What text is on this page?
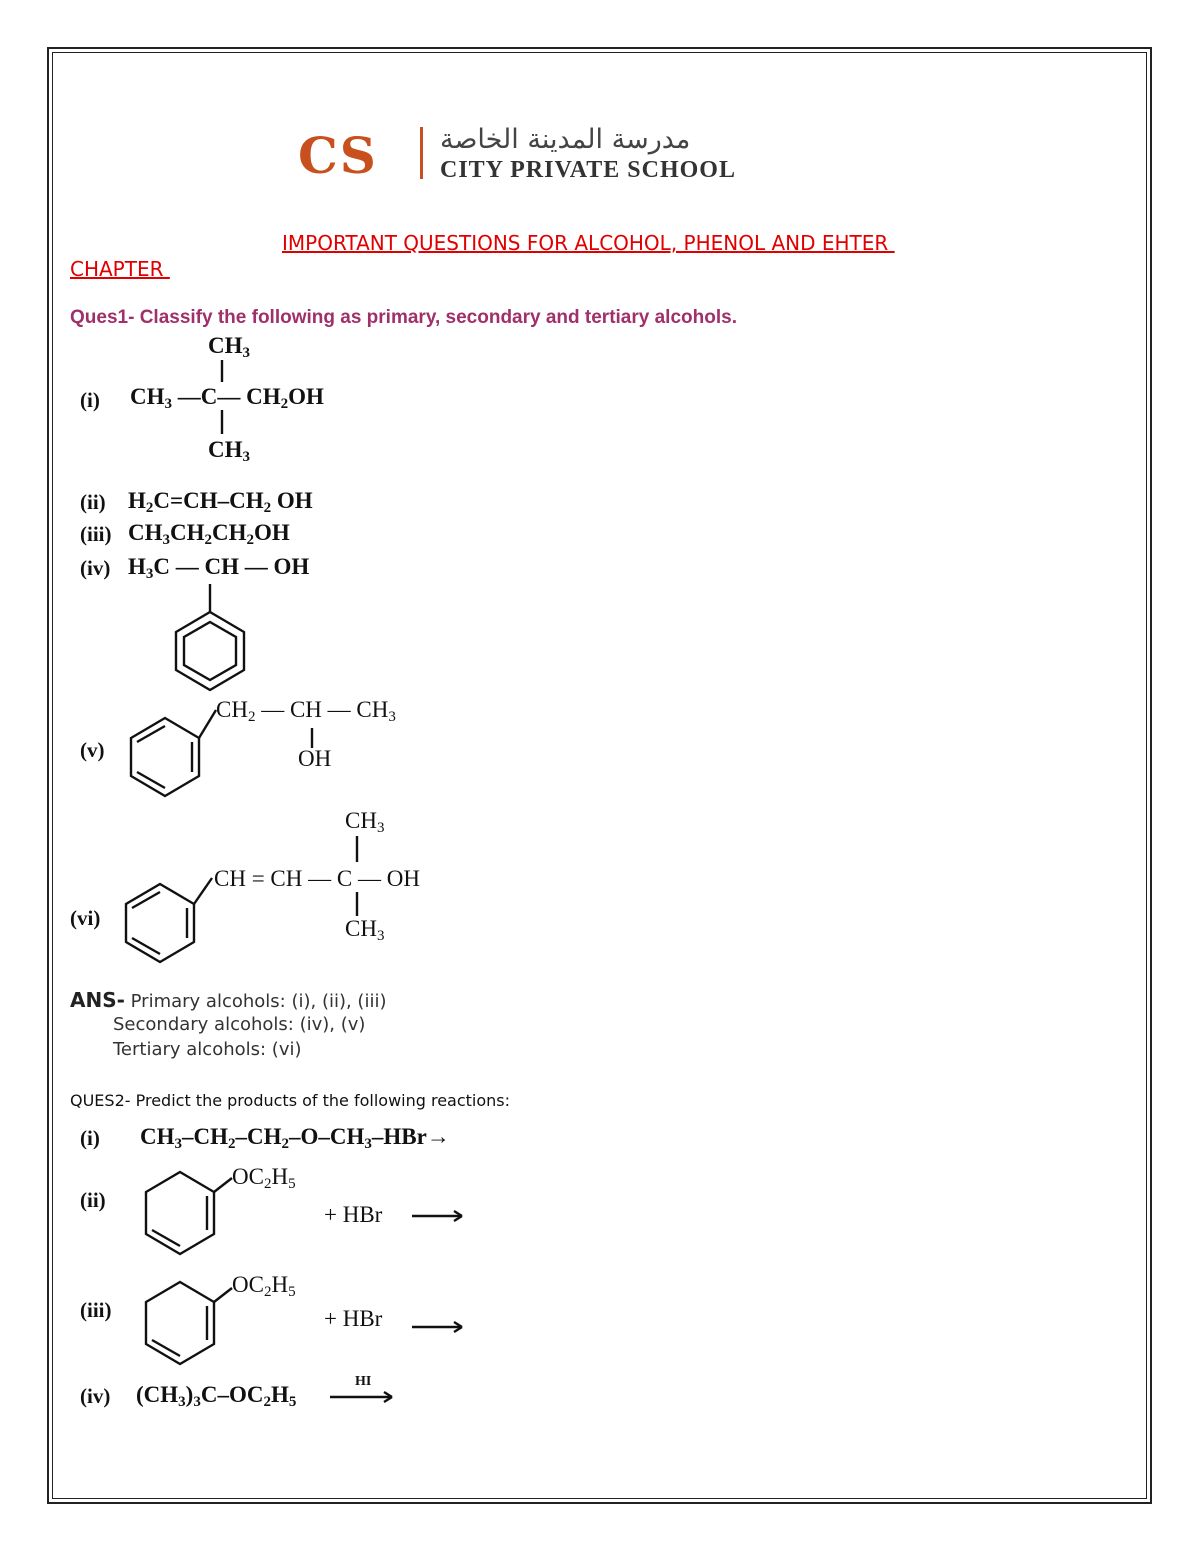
CS مدرسة المدينة الخاصة
CITY PRIVATE SCHOOL
IMPORTANT QUESTIONS FOR ALCOHOL, PHENOL AND EHTER
CHAPTER
Ques1- Classify the following as primary, secondary and tertiary alcohols.
(i)
$CH_3$
$CH_3$ —C— $CH_2OH$
$CH_3$
(ii) $H_2C=CH-CH_2$ OH
(iii) $CH_3CH_2CH_2OH$
(iv) $H_3C$ — CH — OH
(v)
$CH_2$ — CH — $CH_3$
OH
(vi)
$CH_3$
CH = CH — C — OH
$CH_3$
ANS- Primary alcohols: (i), (ii), (iii)
Secondary alcohols: (iv), (v)
Tertiary alcohols: (vi)
QUES2- Predict the products of the following reactions:
(i) $CH_3-CH_2-CH_2-O-CH_3-HBr\to$
(ii)
$OC_2H_5$
+ HBr
(iii)
$OC_2H_5$
+ HBr
(iv) $(CH_3)_3C-OC_2H_5$
HI
